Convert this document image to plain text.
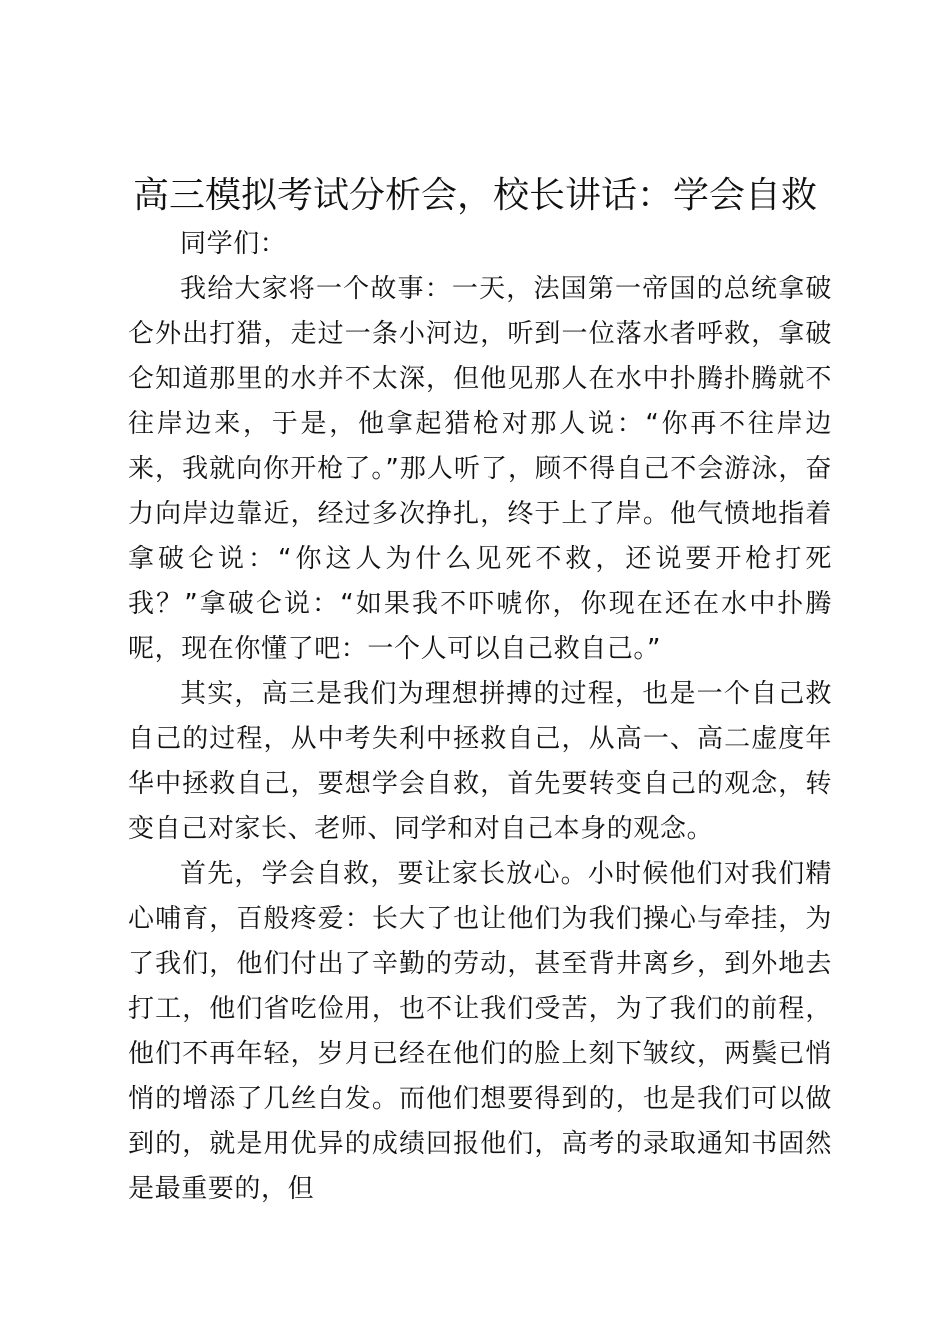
高三模拟考试分析会，校长讲话：学会自救

同学们：

我给大家将一个故事：一天，法国第一帝国的总统拿破仑外出打猎，走过一条小河边，听到一位落水者呼救，拿破仑知道那里的水并不太深，但他见那人在水中扑腾扑腾就不往岸边来，于是，他拿起猎枪对那人说：“你再不往岸边来，我就向你开枪了。”那人听了，顾不得自己不会游泳，奋力向岸边靠近，经过多次挣扎，终于上了岸。他气愤地指着拿破仑说：“你这人为什么见死不救，还说要开枪打死我？”拿破仑说：“如果我不吓唬你，你现在还在水中扑腾呢，现在你懂了吧：一个人可以自己救自己。”

其实，高三是我们为理想拼搏的过程，也是一个自己救自己的过程，从中考失利中拯救自己，从高一、高二虚度年华中拯救自己，要想学会自救，首先要转变自己的观念，转变自己对家长、老师、同学和对自己本身的观念。

首先，学会自救，要让家长放心。小时候他们对我们精心哺育，百般疼爱：长大了也让他们为我们操心与牵挂，为了我们，他们付出了辛勤的劳动，甚至背井离乡，到外地去打工，他们省吃俭用，也不让我们受苦，为了我们的前程，他们不再年轻，岁月已经在他们的脸上刻下皱纹，两鬓已悄悄的增添了几丝白发。而他们想要得到的，也是我们可以做到的，就是用优异的成绩回报他们，高考的录取通知书固然是最重要的，但
